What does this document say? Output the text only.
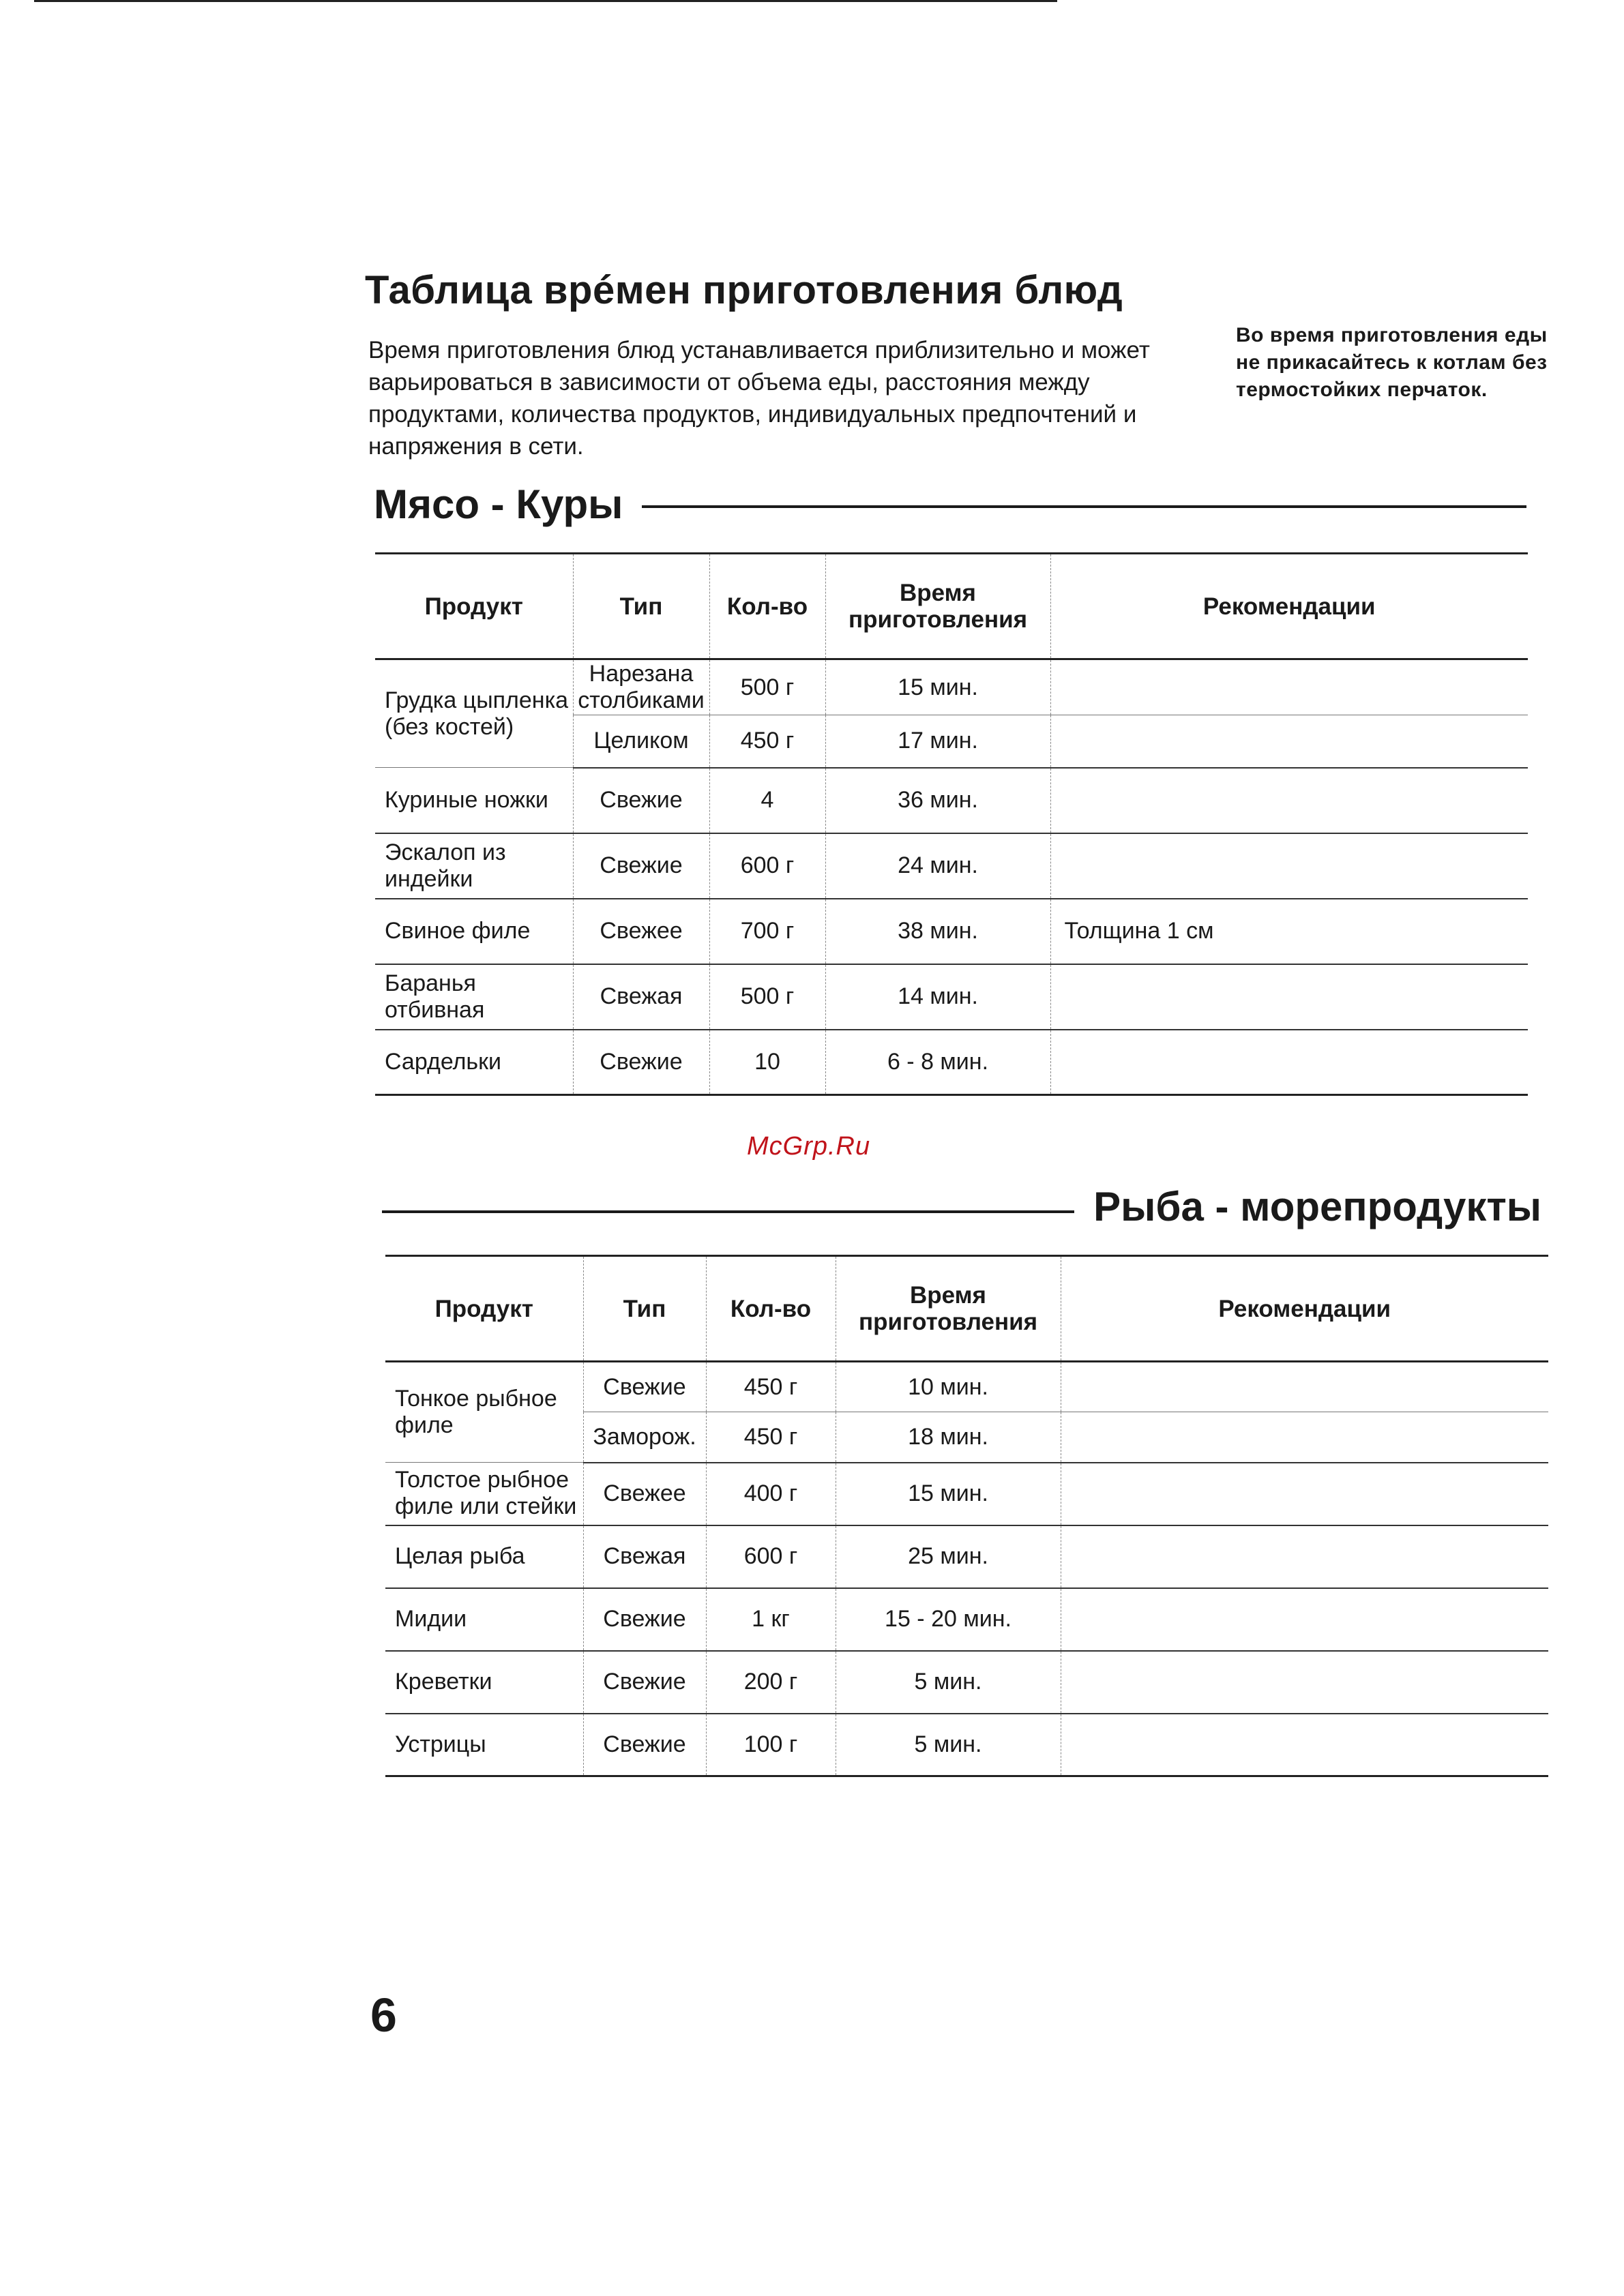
Таблица врéмен приготовления блюд
Время приготовления блюд устанавливается приблизительно и может варьироваться в зависимости от объема еды, расстояния между продуктами, количества продуктов, индивидуальных предпочтений и напряжения в сети.
Во время приготовления еды не прикасайтесь к котлам без термостойких перчаток.
Мясо - Куры
Продукт	Тип	Кол-во	Время приготовления	Рекомендации
Грудка цыпленка (без костей)	Нарезана столбиками	500 г	15 мин.	
	Целиком	450 г	17 мин.	
Куриные ножки	Свежие	4	36 мин.	
Эскалоп из индейки	Свежие	600 г	24 мин.	
Свиное филе	Свежее	700 г	38 мин.	Толщина 1 см
Баранья отбивная	Свежая	500 г	14 мин.	
Сардельки	Свежие	10	6 - 8 мин.	
McGrp.Ru
Рыба - морепродукты
Продукт	Тип	Кол-во	Время приготовления	Рекомендации
Тонкое рыбное филе	Свежие	450 г	10 мин.	
	Заморож.	450 г	18 мин.	
Толстое рыбное филе или стейки	Свежее	400 г	15 мин.	
Целая рыба	Свежая	600 г	25 мин.	
Мидии	Свежие	1 кг	15 - 20 мин.	
Креветки	Свежие	200 г	5 мин.	
Устрицы	Свежие	100 г	5 мин.	
6
